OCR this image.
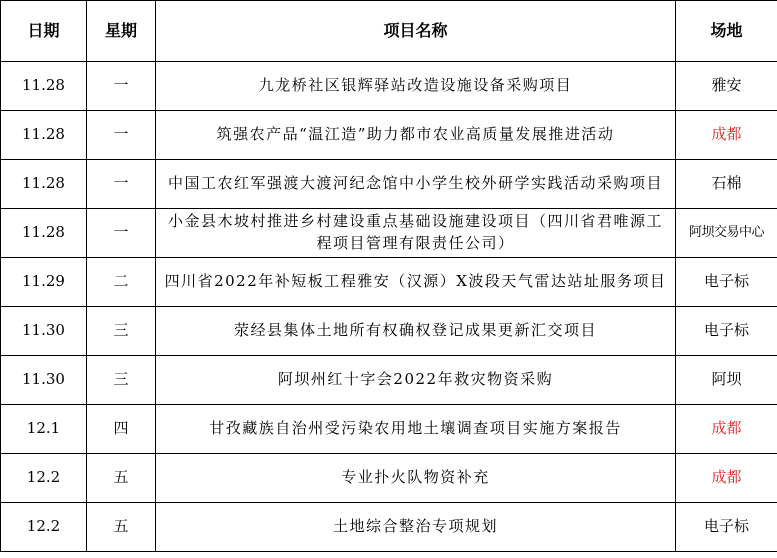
日期	星期	项目名称	场地
11.28	一	九龙桥社区银辉驿站改造设施设备采购项目	雅安
11.28	一	筑强农产品“温江造”助力都市农业高质量发展推进活动	成都
11.28	一	中国工农红军强渡大渡河纪念馆中小学生校外研学实践活动采购项目	石棉
11.28	一	小金县木坡村推进乡村建设重点基础设施建设项目（四川省君唯源工程项目管理有限责任公司）	阿坝交易中心
11.29	二	四川省2022年补短板工程雅安（汉源）X波段天气雷达站址服务项目	电子标
11.30	三	荥经县集体土地所有权确权登记成果更新汇交项目	电子标
11.30	三	阿坝州红十字会2022年救灾物资采购	阿坝
12.1	四	甘孜藏族自治州受污染农用地土壤调查项目实施方案报告	成都
12.2	五	专业扑火队物资补充	成都
12.2	五	土地综合整治专项规划	电子标
